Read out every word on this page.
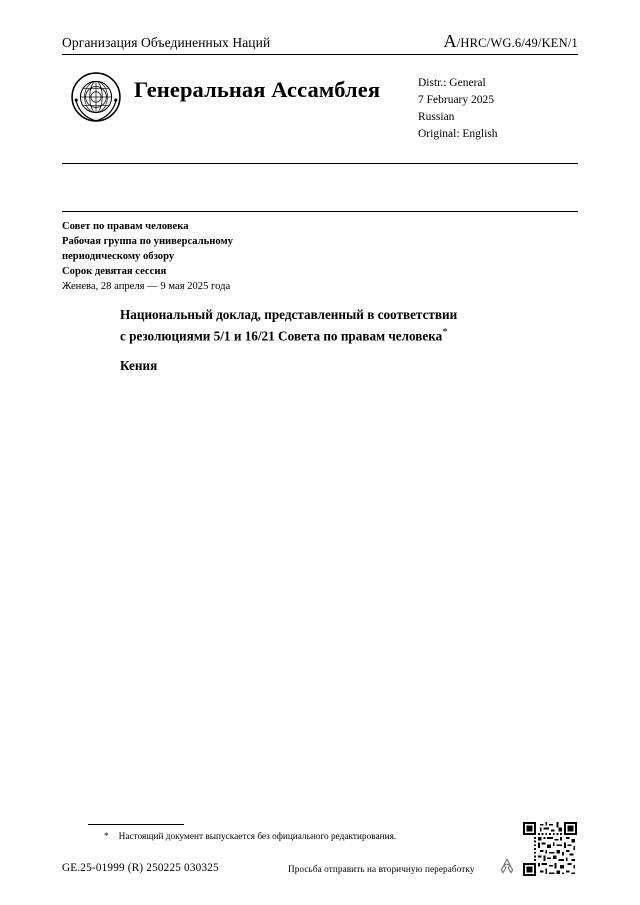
Организация Объединенных Наций	A/HRC/WG.6/49/KEN/1
Генеральная Ассамблея	Distr.: General
7 February 2025
Russian
Original: English
Совет по правам человека
Рабочая группа по универсальному
периодическому обзору
Сорок девятая сессия
Женева, 28 апреля — 9 мая 2025 года
Национальный доклад, представленный в соответствии
с резолюциями 5/1 и 16/21 Совета по правам человека*
Кения
* Настоящий документ выпускается без официального редактирования.
GE.25-01999 (R) 250225 030325	Просьба отправить на вторичную переработку
